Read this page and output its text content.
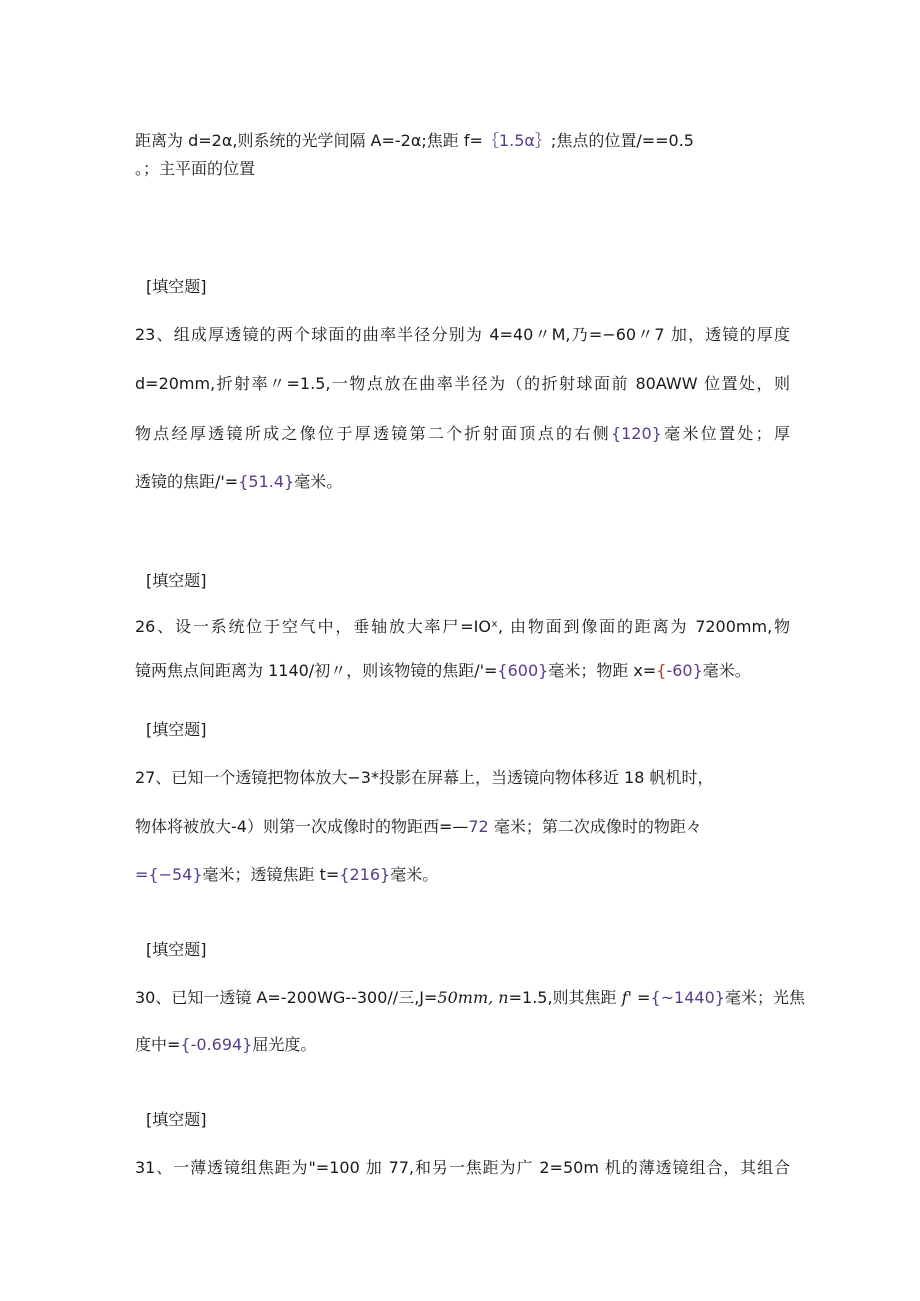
距离为 d=2α,则系统的光学间隔 A=-2α;焦距 f=｛1.5α｝;焦点的位置/==0.5
。；主平面的位置
[填空题]
23、组成厚透镜的两个球面的曲率半径分别为 4=40〃M,乃=−60〃7 加，透镜的厚度
d=20mm,折射率〃=1.5,一物点放在曲率半径为（的折射球面前 80AWW 位置处，则
物点经厚透镜所成之像位于厚透镜第二个折射面顶点的右侧{120}毫米位置处；厚
透镜的焦距/'={51.4}毫米。
[填空题]
26、设一系统位于空气中，垂轴放大率尸=IOˣ, 由物面到像面的距离为 7200mm,物
镜两焦点间距离为 1140/初〃，则该物镜的焦距/'={600}毫米；物距 x={-60}毫米。
[填空题]
27、已知一个透镜把物体放大−3*投影在屏幕上，当透镜向物体移近 18 帆机时，
物体将被放大-4）则第一次成像时的物距西=—72 毫米；第二次成像时的物距々
={−54}毫米；透镜焦距 t={216}毫米。
[填空题]
30、已知一透镜 A=-200WG--300∕∕三,J=50mm, n=1.5,则其焦距 f' ={~1440}毫米；光焦
度中={-0.694}屈光度。
[填空题]
31、一薄透镜组焦距为"=100 加 77,和另一焦距为广 2=50m 机的薄透镜组合，其组合
